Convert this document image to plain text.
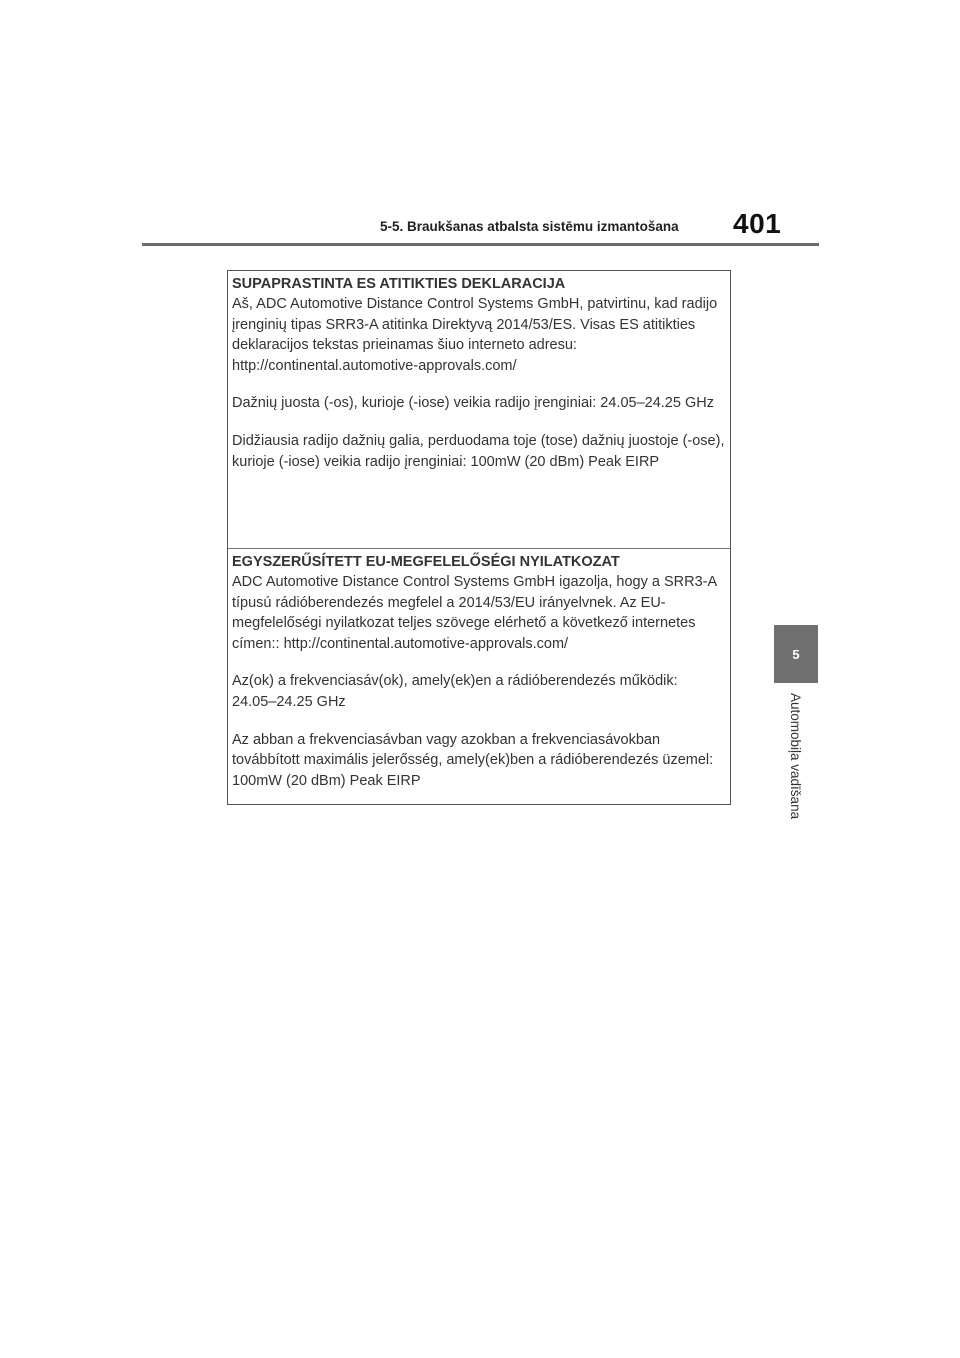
5-5. Braukšanas atbalsta sistēmu izmantošana 401
5
Automobiļa vadīšana

SUPAPRASTINTA ES ATITIKTIES DEKLARACIJA

Aš, ADC Automotive Distance Control Systems GmbH, patvirtinu, kad radijo įrenginių tipas SRR3-A atitinka Direktyvą 2014/53/ES. Visas ES atitikties deklaracijos tekstas prieinamas šiuo interneto adresu: http://continental.automotive-approvals.com/

Dažnių juosta (-os), kurioje (-iose) veikia radijo įrenginiai: 24.05–24.25 GHz

Didžiausia radijo dažnių galia, perduodama toje (tose) dažnių juostoje (-ose), kurioje (-iose) veikia radijo įrenginiai: 100mW (20 dBm) Peak EIRP

EGYSZERŰSÍTETT EU-MEGFELELŐSÉGI NYILATKOZAT

ADC Automotive Distance Control Systems GmbH igazolja, hogy a SRR3-A típusú rádióberendezés megfelel a 2014/53/EU irányelvnek. Az EU-megfelelőségi nyilatkozat teljes szövege elérhető a következő internetes címen:: http://continental.automotive-approvals.com/

Az(ok) a frekvenciasáv(ok), amely(ek)en a rádióberendezés működik: 24.05–24.25 GHz

Az abban a frekvenciasávban vagy azokban a frekvenciasávokban továbbított maximális jelerősség, amely(ek)ben a rádióberendezés üzemel: 100mW (20 dBm) Peak EIRP
